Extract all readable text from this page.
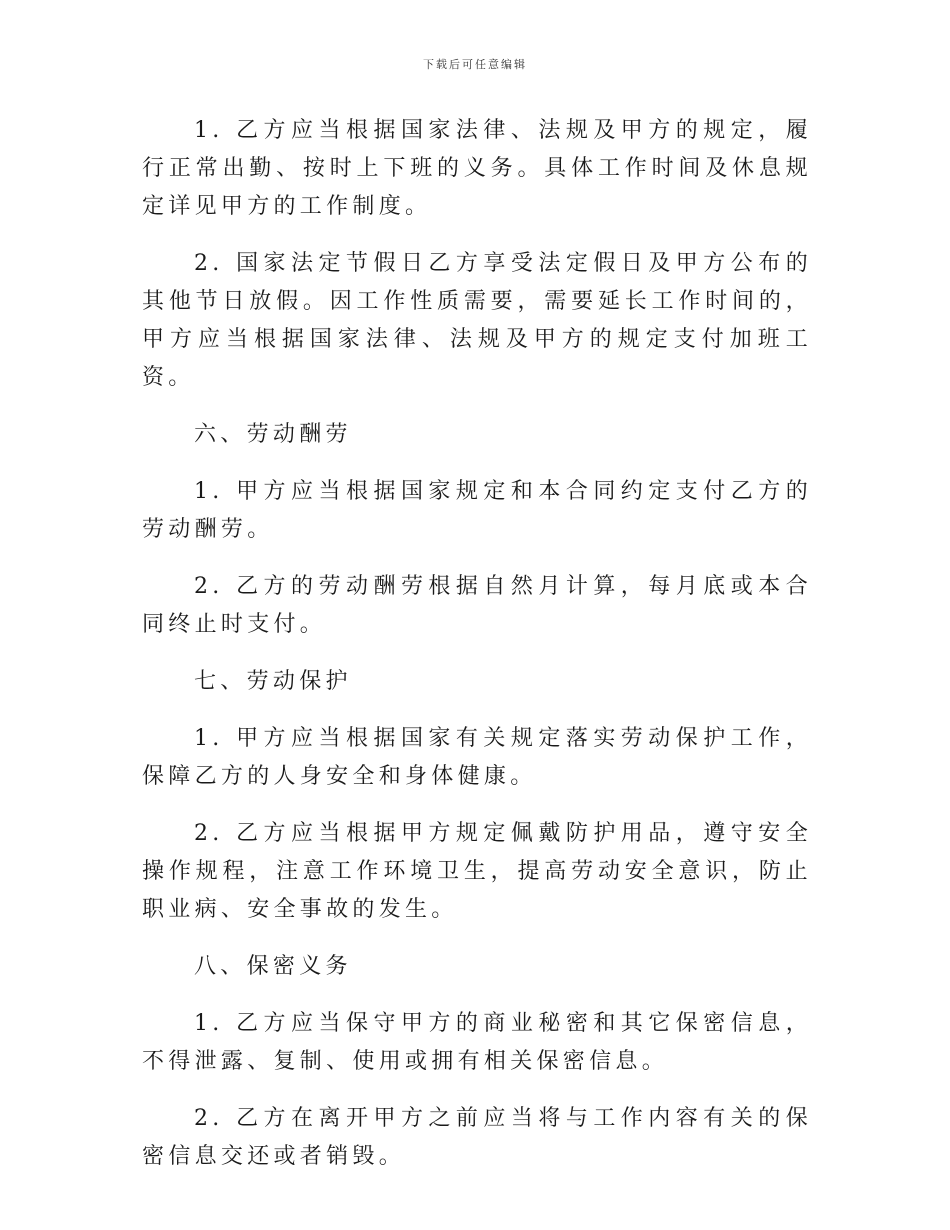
下载后可任意编辑

1. 乙方应当根据国家法律、法规及甲方的规定，履行正常出勤、按时上下班的义务。具体工作时间及休息规定详见甲方的工作制度。

2. 国家法定节假日乙方享受法定假日及甲方公布的其他节日放假。因工作性质需要，需要延长工作时间的，甲方应当根据国家法律、法规及甲方的规定支付加班工资。

六、劳动酬劳

1. 甲方应当根据国家规定和本合同约定支付乙方的劳动酬劳。

2. 乙方的劳动酬劳根据自然月计算，每月底或本合同终止时支付。

七、劳动保护

1. 甲方应当根据国家有关规定落实劳动保护工作，保障乙方的人身安全和身体健康。

2. 乙方应当根据甲方规定佩戴防护用品，遵守安全操作规程，注意工作环境卫生，提高劳动安全意识，防止职业病、安全事故的发生。

八、保密义务

1. 乙方应当保守甲方的商业秘密和其它保密信息，不得泄露、复制、使用或拥有相关保密信息。

2. 乙方在离开甲方之前应当将与工作内容有关的保密信息交还或者销毁。
